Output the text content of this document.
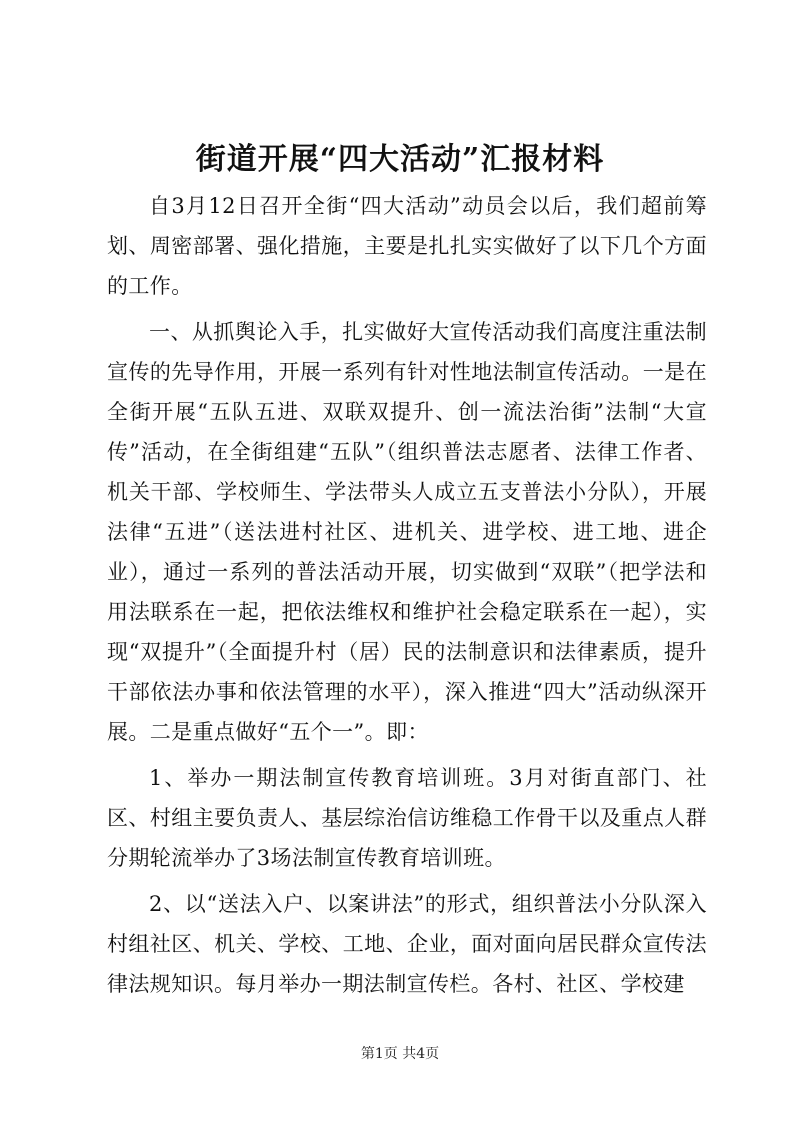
街道开展“四大活动”汇报材料

自3月12日召开全街“四大活动”动员会以后，我们超前筹划、周密部署、强化措施，主要是扎扎实实做好了以下几个方面的工作。

一、从抓舆论入手，扎实做好大宣传活动我们高度注重法制宣传的先导作用，开展一系列有针对性地法制宣传活动。一是在全街开展“五队五进、双联双提升、创一流法治街”法制“大宣传”活动，在全街组建“五队”（组织普法志愿者、法律工作者、机关干部、学校师生、学法带头人成立五支普法小分队），开展法律“五进”（送法进村社区、进机关、进学校、进工地、进企业），通过一系列的普法活动开展，切实做到“双联”（把学法和用法联系在一起，把依法维权和维护社会稳定联系在一起），实现“双提升”（全面提升村（居）民的法制意识和法律素质，提升干部依法办事和依法管理的水平），深入推进“四大”活动纵深开展。二是重点做好“五个一”。即：

1、举办一期法制宣传教育培训班。3月对街直部门、社区、村组主要负责人、基层综治信访维稳工作骨干以及重点人群分期轮流举办了3场法制宣传教育培训班。

2、以“送法入户、以案讲法”的形式，组织普法小分队深入村组社区、机关、学校、工地、企业，面对面向居民群众宣传法律法规知识。每月举办一期法制宣传栏。各村、社区、学校建

第1页 共4页
